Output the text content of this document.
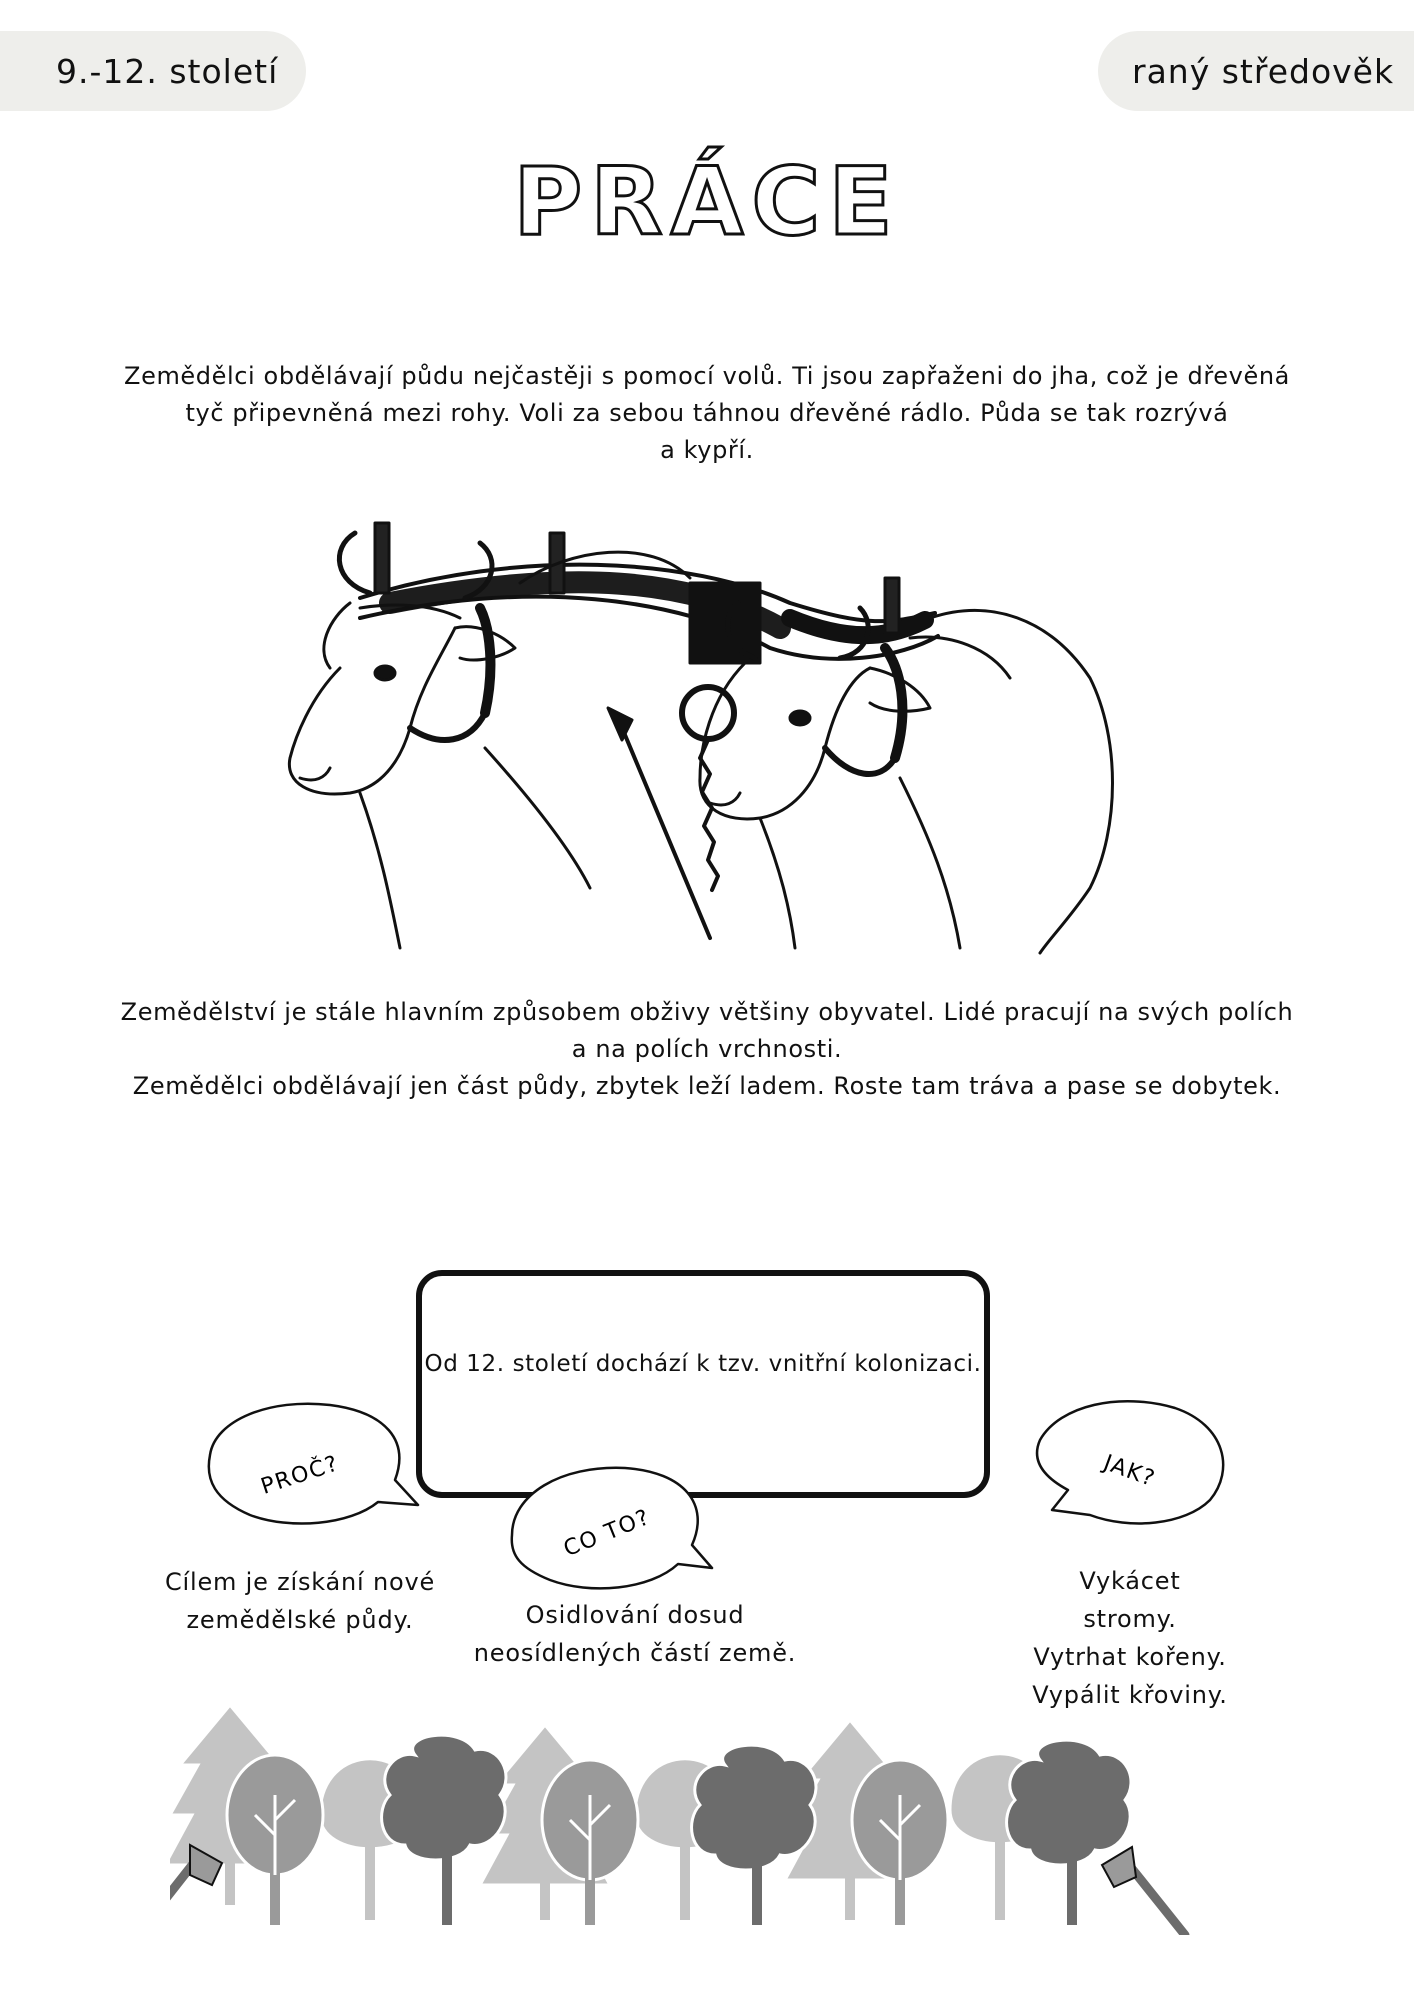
9.-12. století	raný středověk
PRÁCE

Zemědělci obdělávají půdu nejčastěji s pomocí volů. Ti jsou zapřaženi do jha, což je dřevěná

tyč připevněná mezi rohy. Voli za sebou táhnou dřevěné rádlo. Půda se tak rozrývá

a kypří.

Zemědělství je stále hlavním způsobem obživy většiny obyvatel. Lidé pracují na svých polích

a na polích vrchnosti.

Zemědělci obdělávají jen část půdy, zbytek leží ladem. Roste tam tráva a pase se dobytek.

Od 12. století dochází k tzv. vnitřní kolonizaci.
PROČ?
CO TO?
JAK?

Cílem je získání nové

zemědělské půdy.	Osidlování dosud

neosídlených částí země.

Vykácet stromy.

Vytrhat kořeny.

Vypálit křoviny.
